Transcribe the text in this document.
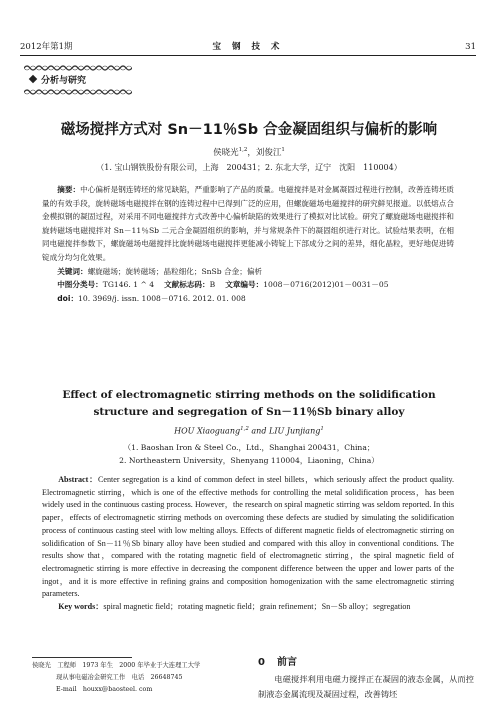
2012年第1期	宝 钢 技 术	31
分析与研究
磁场搅拌方式对 Sn－11％Sb 合金凝固组织与偏析的影响
侯晓光$^{1,2}$，刘俊江$^1$
（1. 宝山钢铁股份有限公司，上海　200431；2. 东北大学，辽宁　沈阳　110004）
摘要：中心偏析是钢连铸坯的常见缺陷，严重影响了产品的质量。电磁搅拌是对金属凝固过程进行控制，改善连铸坯质量的有效手段，旋转磁场电磁搅拌在钢的连铸过程中已得到广泛的应用，但螺旋磁场电磁搅拌的研究鲜见报道。以低熔点合金模拟钢的凝固过程，对采用不同电磁搅拌方式改善中心偏析缺陷的效果进行了模拟对比试验。研究了螺旋磁场电磁搅拌和旋转磁场电磁搅拌对 Sn－11％Sb 二元合金凝固组织的影响，并与常规条件下的凝固组织进行对比。试验结果表明，在相同电磁搅拌参数下，螺旋磁场电磁搅拌比旋转磁场电磁搅拌更能减小铸锭上下部成分之间的差异，细化晶粒，更好地促进铸锭成分均匀化效果。
关键词：螺旋磁场；旋转磁场；晶粒细化；SnSb 合金；偏析
中图分类号：TG146. 1 ^ 4 文献标志码：B 文章编号：1008－0716(2012)01－0031－05
doi：10. 3969/j. issn. 1008－0716. 2012. 01. 008
Effect of electromagnetic stirring methods on the solidification
structure and segregation of Sn－11％Sb binary alloy
HOU Xiaoguang$^{1,2}$ and LIU Junjiang$^1$
（1. Baoshan Iron & Steel Co.，Ltd.，Shanghai 200431，China；
2. Northeastern University，Shenyang 110004，Liaoning，China）
Abstract：Center segregation is a kind of common defect in steel billets，which seriously affect the product quality. Electromagnetic stirring，which is one of the effective methods for controlling the metal solidification process，has been widely used in the continuous casting process. However，the research on spiral magnetic stirring was seldom reported. In this paper，effects of electromagnetic stirring methods on overcoming these defects are studied by simulating the solidification process of continuous casting steel with low melting alloys. Effects of different magnetic fields of electromagnetic stirring on solidification of Sn－11％Sb binary alloy have been studied and compared with this alloy in conventional conditions. The results show that，compared with the rotating magnetic field of electromagnetic stirring，the spiral magnetic field of electromagnetic stirring is more effective in decreasing the component difference between the upper and lower parts of the ingot，and it is more effective in refining grains and composition homogenization with the same electromagnetic stirring parameters.
Key words：spiral magnetic field；rotating magnetic field；grain refinement；Sn－Sb alloy；segregation
侯晓光　工程师　1973 年生　2000 年毕业于大连理工大学
现从事电磁冶金研究工作　电话　26648745
E-mail　houxx@baosteel. com
0 前言
电磁搅拌利用电磁力搅拌正在凝固的液态金属，从而控制液态金属流现及凝固过程，改善铸坯
